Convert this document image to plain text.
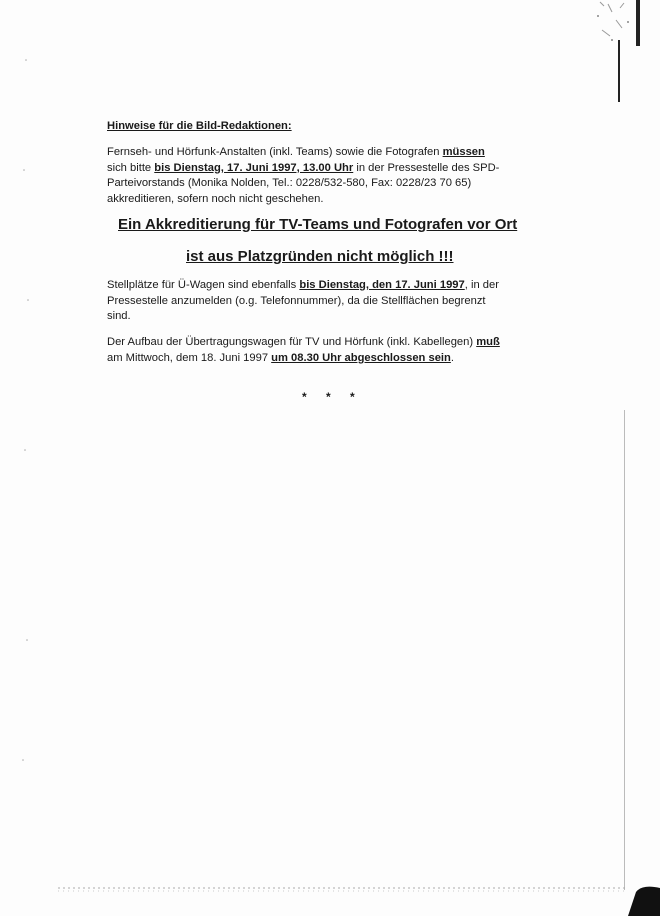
Hinweise für die Bild-Redaktionen:
Fernseh- und Hörfunk-Anstalten (inkl. Teams) sowie die Fotografen müssen
sich bitte bis Dienstag, 17. Juni 1997, 13.00 Uhr in der Pressestelle des SPD-
Parteivorstands (Monika Nolden, Tel.: 0228/532-580, Fax: 0228/23 70 65)
akkreditieren, sofern noch nicht geschehen.
Ein Akkreditierung für TV-Teams und Fotografen vor Ort
ist aus Platzgründen nicht möglich !!!
Stellplätze für Ü-Wagen sind ebenfalls bis Dienstag, den 17. Juni 1997, in der
Pressestelle anzumelden (o.g. Telefonnummer), da die Stellflächen begrenzt
sind.
Der Aufbau der Übertragungswagen für TV und Hörfunk (inkl. Kabellegen) muß
am Mittwoch, dem 18. Juni 1997 um 08.30 Uhr abgeschlossen sein.
* * *
